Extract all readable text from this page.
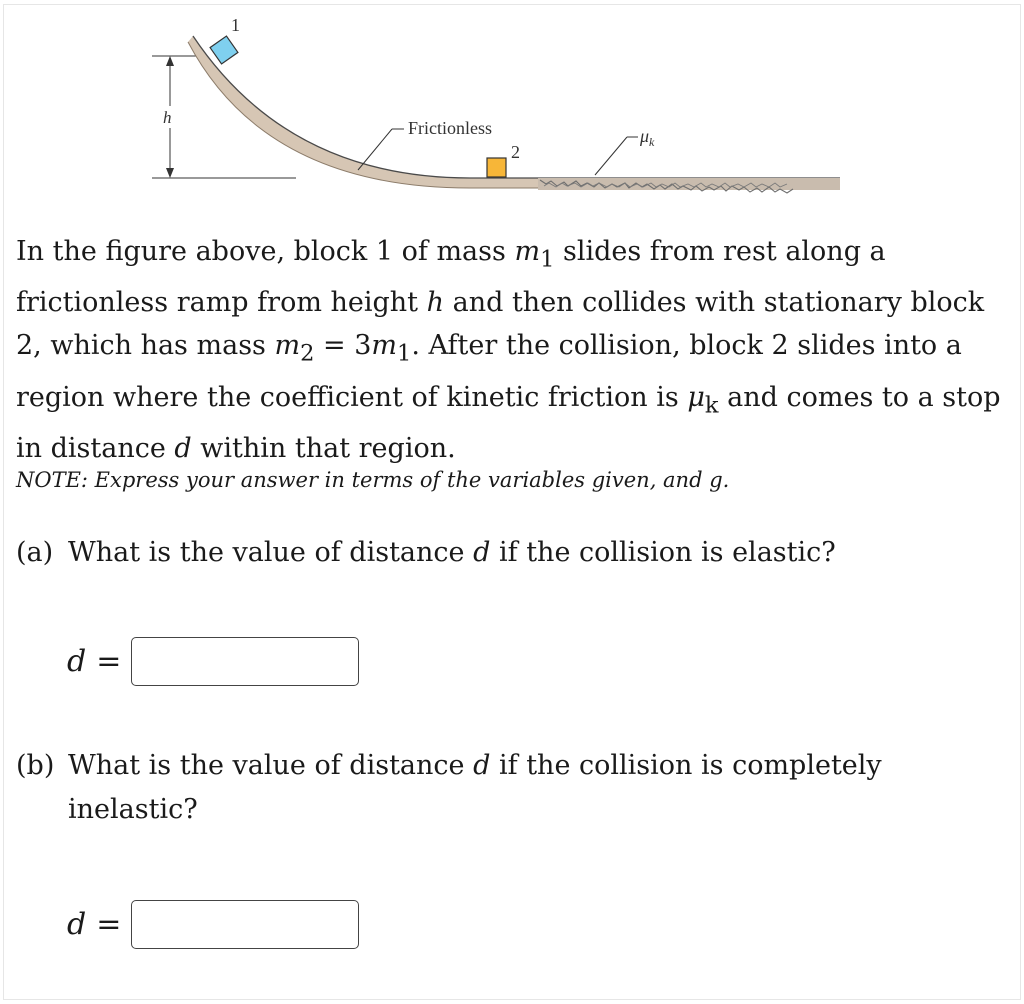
h
1
2
Frictionless	$\mu_k$

In the figure above, block 1 of mass $m_1$ slides from rest along a frictionless ramp from height h and then collides with stationary block 2, which has mass $m_2 = 3m_1$. After the collision, block 2 slides into a region where the coefficient of kinetic friction is $\mu_k$ and comes to a stop in distance d within that region.

NOTE: Express your answer in terms of the variables given, and g.

(a) What is the value of distance d if the collision is elastic?
d =
(b) What is the value of distance d if the collision is completely inelastic?
d =
